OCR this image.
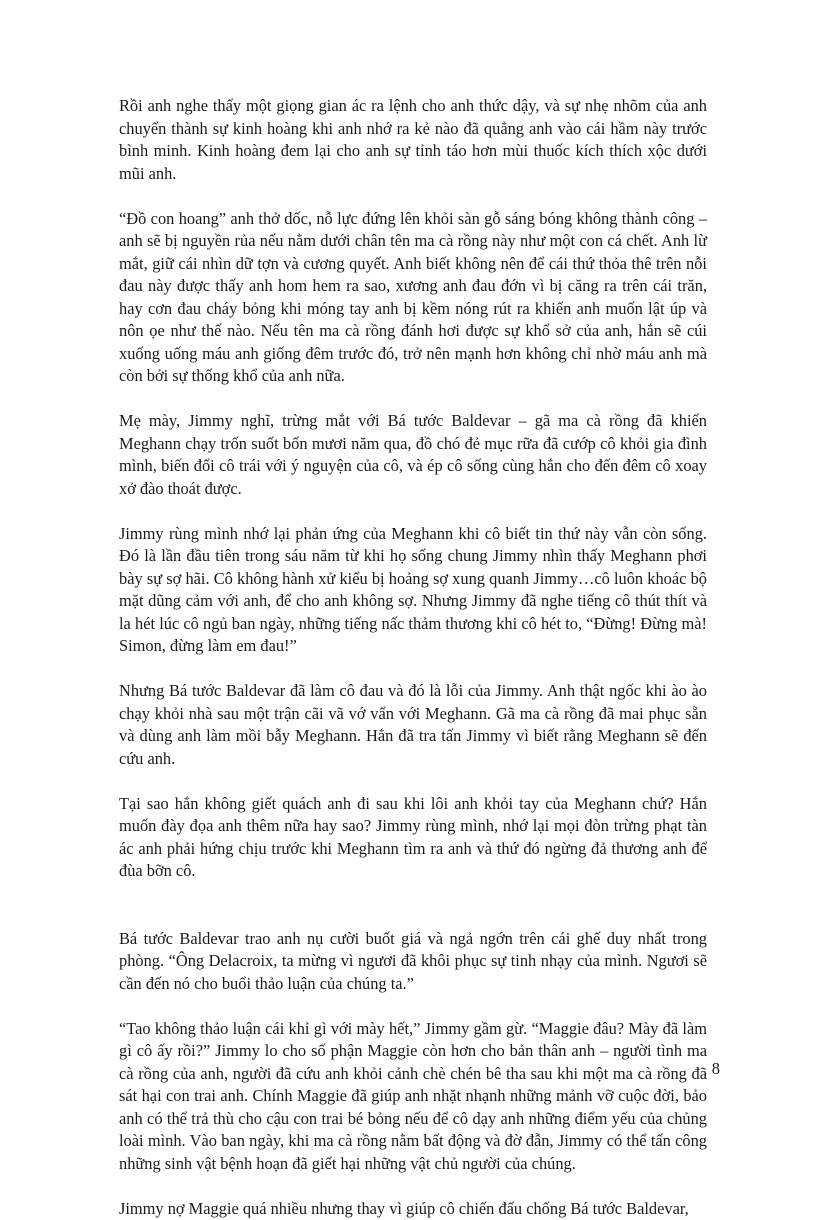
Rồi anh nghe thấy một giọng gian ác ra lệnh cho anh thức dậy, và sự nhẹ nhõm của anh chuyển thành sự kinh hoàng khi anh nhớ ra kẻ nào đã quẳng anh vào cái hầm này trước bình minh. Kinh hoàng đem lại cho anh sự tỉnh táo hơn mùi thuốc kích thích xộc dưới mũi anh.

“Đồ con hoang” anh thở dốc, nỗ lực đứng lên khỏi sàn gỗ sáng bóng không thành công – anh sẽ bị nguyền rủa nếu nằm dưới chân tên ma cà rồng này như một con cá chết. Anh lừ mắt, giữ cái nhìn dữ tợn và cương quyết. Anh biết không nên để cái thứ thỏa thê trên nỗi đau này được thấy anh hom hem ra sao, xương anh đau đớn vì bị căng ra trên cái trăn, hay cơn đau cháy bỏng khi móng tay anh bị kềm nóng rút ra khiến anh muốn lật úp và nôn ọe như thế nào. Nếu tên ma cà rồng đánh hơi được sự khổ sở của anh, hắn sẽ cúi xuống uống máu anh giống đêm trước đó, trở nên mạnh hơn không chỉ nhờ máu anh mà còn bởi sự thống khổ của anh nữa.

Mẹ mày, Jimmy nghĩ, trừng mắt với Bá tước Baldevar – gã ma cà rồng đã khiến Meghann chạy trốn suốt bốn mươi năm qua, đồ chó đẻ mục rữa đã cướp cô khỏi gia đình mình, biến đổi cô trái với ý nguyện của cô, và ép cô sống cùng hắn cho đến đêm cô xoay xở đào thoát được.

Jimmy rùng mình nhớ lại phản ứng của Meghann khi cô biết tin thứ này vẫn còn sống. Đó là lần đầu tiên trong sáu năm từ khi họ sống chung Jimmy nhìn thấy Meghann phơi bày sự sợ hãi. Cô không hành xử kiểu bị hoảng sợ xung quanh Jimmy…cô luôn khoác bộ mặt dũng cảm với anh, để cho anh không sợ. Nhưng Jimmy đã nghe tiếng cô thút thít và la hét lúc cô ngủ ban ngày, những tiếng nấc thảm thương khi cô hét to, “Đừng! Đừng mà! Simon, đừng làm em đau!”

Nhưng Bá tước Baldevar đã làm cô đau và đó là lỗi của Jimmy. Anh thật ngốc khi ào ào chạy khỏi nhà sau một trận cãi vã vớ vẩn với Meghann. Gã ma cà rồng đã mai phục sẵn và dùng anh làm mồi bẫy Meghann. Hắn đã tra tấn Jimmy vì biết rằng Meghann sẽ đến cứu anh.

Tại sao hắn không giết quách anh đi sau khi lôi anh khỏi tay của Meghann chứ? Hắn muốn đày đọa anh thêm nữa hay sao? Jimmy rùng mình, nhớ lại mọi đòn trừng phạt tàn ác anh phải hứng chịu trước khi Meghann tìm ra anh và thứ đó ngừng đả thương anh để đùa bỡn cô.

Bá tước Baldevar trao anh nụ cười buốt giá và ngả ngớn trên cái ghế duy nhất trong phòng. “Ông Delacroix, ta mừng vì ngươi đã khôi phục sự tinh nhạy của mình. Ngươi sẽ cần đến nó cho buổi thảo luận của chúng ta.”

“Tao không thảo luận cái khỉ gì với mày hết,” Jimmy gầm gừ. “Maggie đâu? Mày đã làm gì cô ấy rồi?” Jimmy lo cho số phận Maggie còn hơn cho bản thân anh – người tình ma cà rồng của anh, người đã cứu anh khỏi cảnh chè chén bê tha sau khi một ma cà rồng đã sát hại con trai anh. Chính Maggie đã giúp anh nhặt nhạnh những mảnh vỡ cuộc đời, bảo anh có thể trả thù cho cậu con trai bé bỏng nếu để cô dạy anh những điểm yếu của chủng loài mình. Vào ban ngày, khi ma cà rồng nằm bất động và đờ đẫn, Jimmy có thể tấn công những sinh vật bệnh hoạn đã giết hại những vật chủ người của chúng.

Jimmy nợ Maggie quá nhiều nhưng thay vì giúp cô chiến đấu chống Bá tước Baldevar,

8
